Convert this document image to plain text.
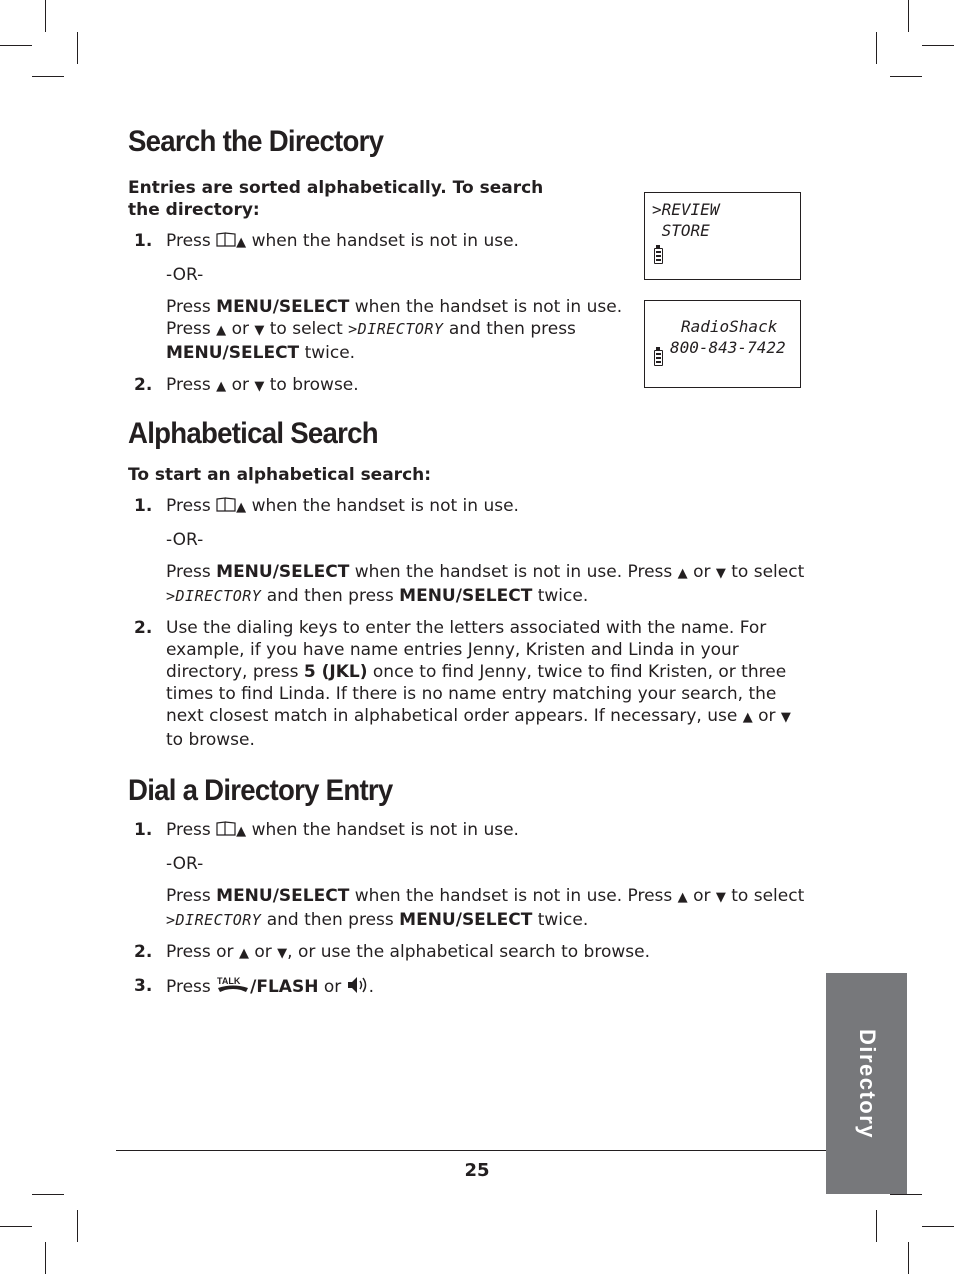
>REVIEW
STORE
RadioShack
800-843-7422
Search the Directory

Entries are sorted alphabetically. To search the directory:

1. Press ▲ when the handset is not in use.

-OR-

Press MENU/SELECT when the handset is not in use. Press ▲ or ▼ to select >DIRECTORY and then press MENU/SELECT twice.

2. Press ▲ or ▼ to browse.

Alphabetical Search

To start an alphabetical search:

1. Press ▲ when the handset is not in use.

-OR-

Press MENU/SELECT when the handset is not in use. Press ▲ or ▼ to select >DIRECTORY and then press MENU/SELECT twice.

2. Use the dialing keys to enter the letters associated with the name. For example, if you have name entries Jenny, Kristen and Linda in your directory, press 5 (JKL) once to find Jenny, twice to find Kristen, or three times to find Linda. If there is no name entry matching your search, the next closest match in alphabetical order appears. If necessary, use ▲ or ▼ to browse.

Dial a Directory Entry
1. Press ▲ when the handset is not in use.

-OR-

Press MENU/SELECT when the handset is not in use. Press ▲ or ▼ to select >DIRECTORY and then press MENU/SELECT twice.

2. Press or ▲ or ▼, or use the alphabetical search to browse.

3. Press TALK /FLASH or .

Directory
25
